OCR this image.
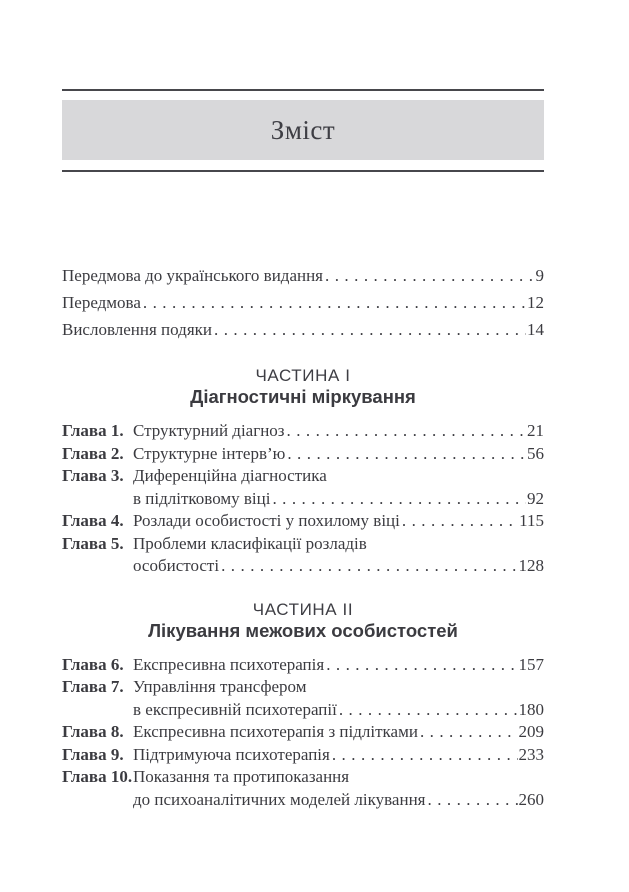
Зміст
Передмова до українського видання . . .	9
Передмова . . .	12
Висловлення подяки . . .	14
ЧАСТИНА I
Діагностичні міркування
Глава 1. Структурний діагноз . . .	21
Глава 2. Структурне інтерв’ю . . .	56
Глава 3. Диференційна діагностика
в підлітковому віці . . .	92
Глава 4. Розлади особистості у похилому віці . . .	115
Глава 5. Проблеми класифікації розладів
особистості . . .	128
ЧАСТИНА II
Лікування межових особистостей
Глава 6. Експресивна психотерапія . . .	157
Глава 7. Управління трансфером
в експресивній психотерапії . . .	180
Глава 8. Експресивна психотерапія з підлітками . . .	209
Глава 9. Підтримуюча психотерапія . . .	233
Глава 10. Показання та протипоказання
до психоаналітичних моделей лікування . . .	260
